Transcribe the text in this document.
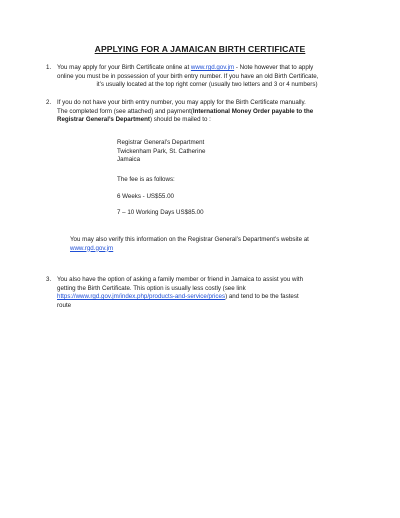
APPLYING FOR A JAMAICAN BIRTH CERTIFICATE
1. You may apply for your Birth Certificate online at www.rgd.gov.jm - Note however that to apply
online you must be in possession of your birth entry number. If you have an old Birth Certificate,
it’s usually located at the top right corner (usually two letters and 3 or 4 numbers)
2. If you do not have your birth entry number, you may apply for the Birth Certificate manually.
The completed form (see attached) and payment(International Money Order payable to the
Registrar General’s Department) should be mailed to :
Registrar General’s Department
Twickenham Park, St. Catherine
Jamaica
The fee is as follows:
6 Weeks - US$55.00
7 – 10 Working Days US$85.00
You may also verify this information on the Registrar General’s Department’s website at
www.rgd.gov.jm
3. You also have the option of asking a family member or friend in Jamaica to assist you with
getting the Birth Certificate. This option is usually less costly (see link
https://www.rgd.gov.jm/index.php/products-and-service/prices) and tend to be the fastest
route
